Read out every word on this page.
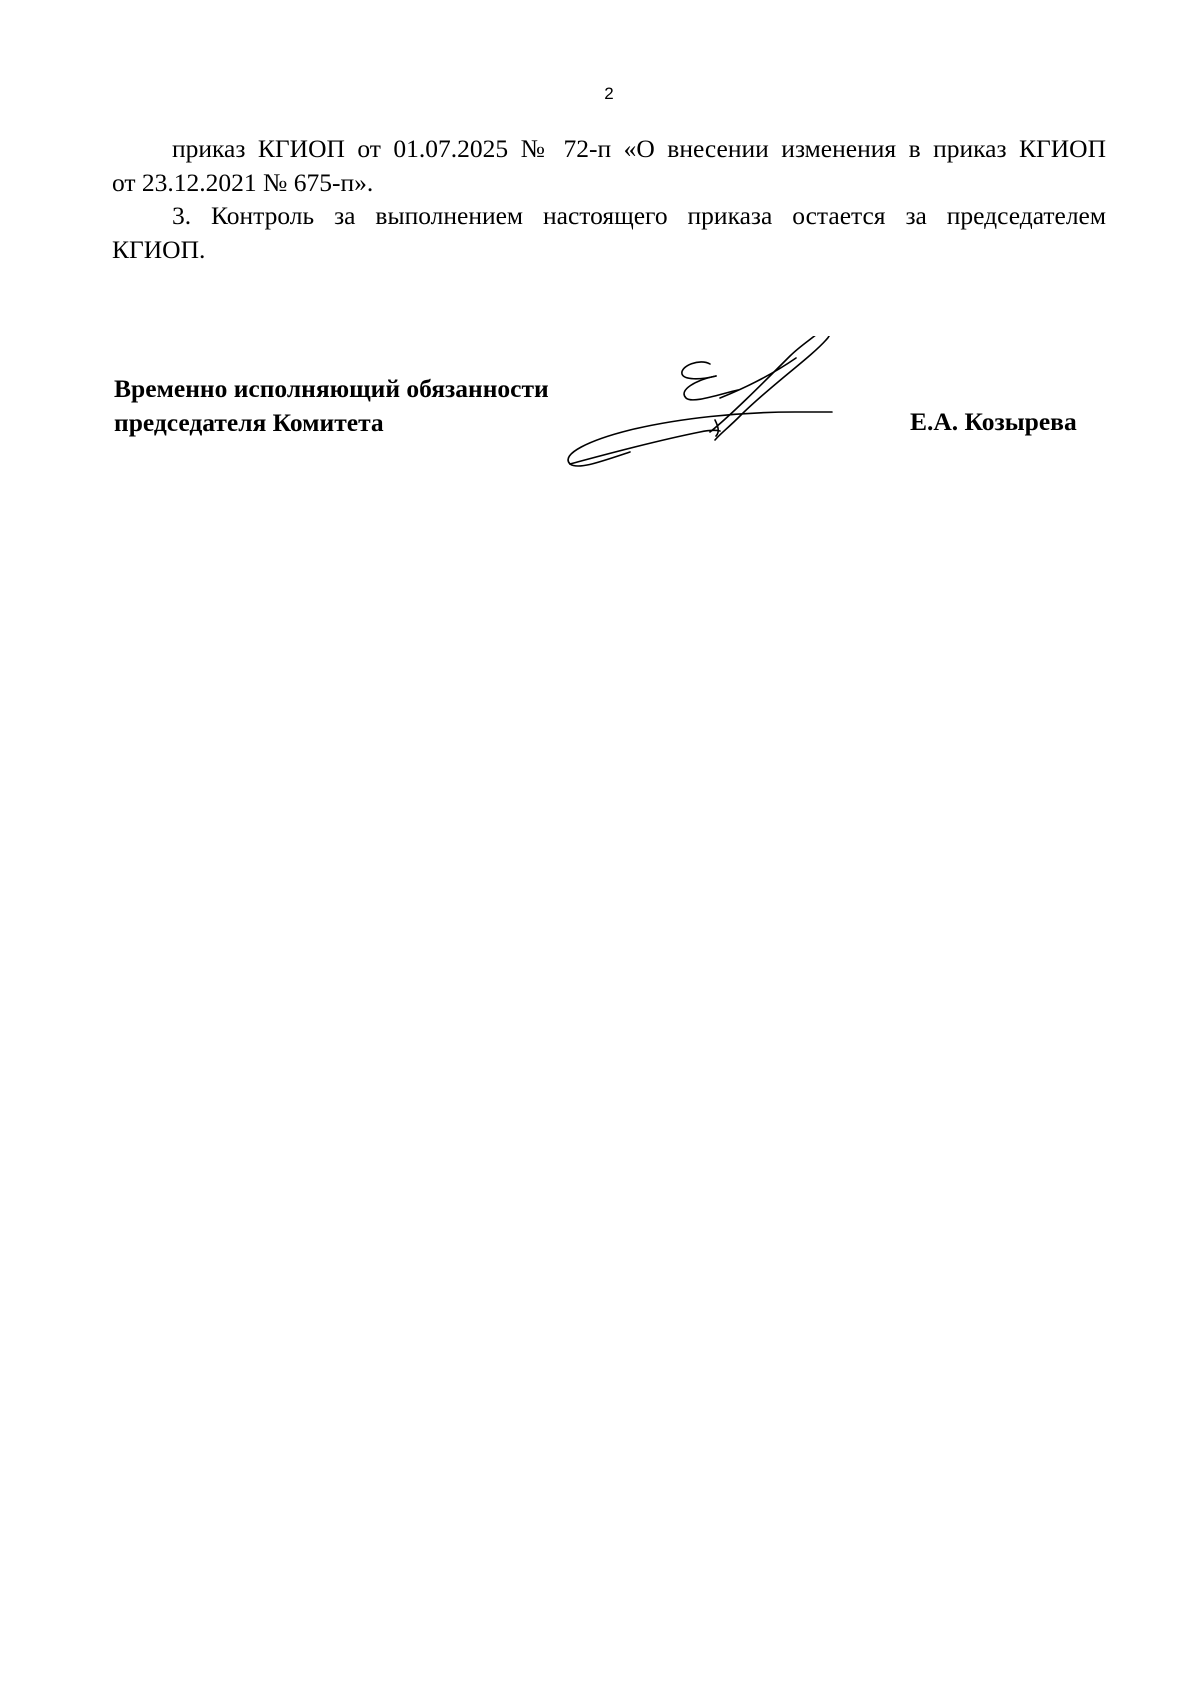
2

приказ КГИОП от 01.07.2025 № 72-п «О внесении изменения в приказ КГИОП
от 23.12.2021 № 675-п».

3. Контроль за выполнением настоящего приказа остается за председателем
КГИОП.

Временно исполняющий обязанности
председателя Комитета	Е.А. Козырева
